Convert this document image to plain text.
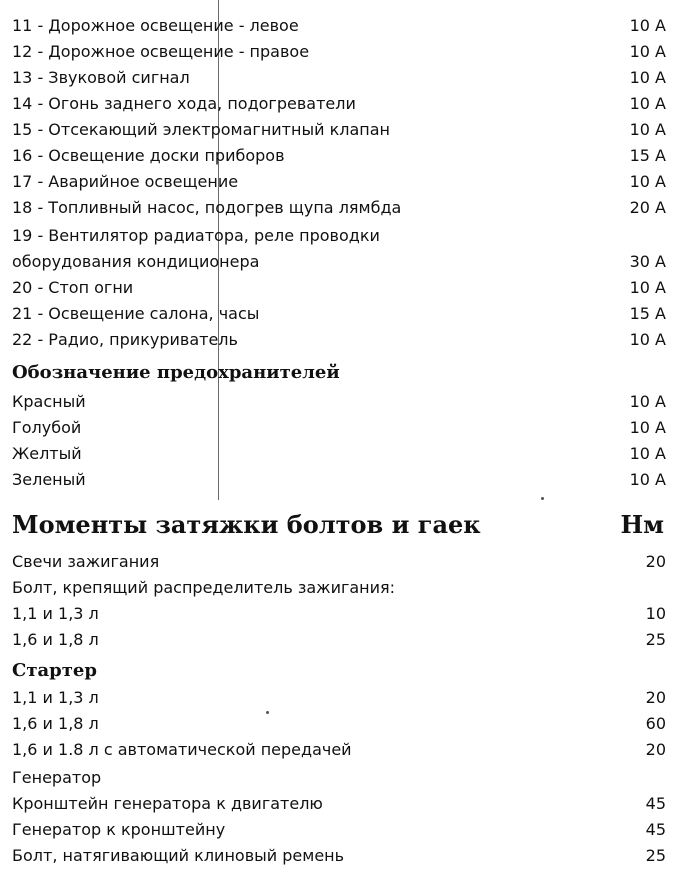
11 - Дорожное освещение - левое	10 А
12 - Дорожное освещение - правое	10 А
13 - Звуковой сигнал	10 А
14 - Огонь заднего хода, подогреватели	10 А
15 - Отсекающий электромагнитный клапан	10 А
16 - Освещение доски приборов	15 А
17 - Аварийное освещение	10 А
18 - Топливный насос, подогрев щупа лямбда	20 А
19 - Вентилятор радиатора, реле проводки
оборудования кондиционера	30 А
20 - Стоп огни	10 А
21 - Освещение салона, часы	15 А
22 - Радио, прикуриватель	10 А
Обозначение предохранителей
Красный	10 А
Голубой	10 А
Желтый	10 А
Зеленый	10 А
Моменты затяжки болтов и гаек	Нм
Свечи зажигания	20
Болт, крепящий распределитель зажигания:
1,1 и 1,3 л	10
1,6 и 1,8 л	25
Стартер
1,1 и 1,3 л	20
1,6 и 1,8 л	60
1,6 и 1.8 л с автоматической передачей	20
Генератор
Кронштейн генератора к двигателю	45
Генератор к кронштейну	45
Болт, натягивающий клиновый ремень	25
